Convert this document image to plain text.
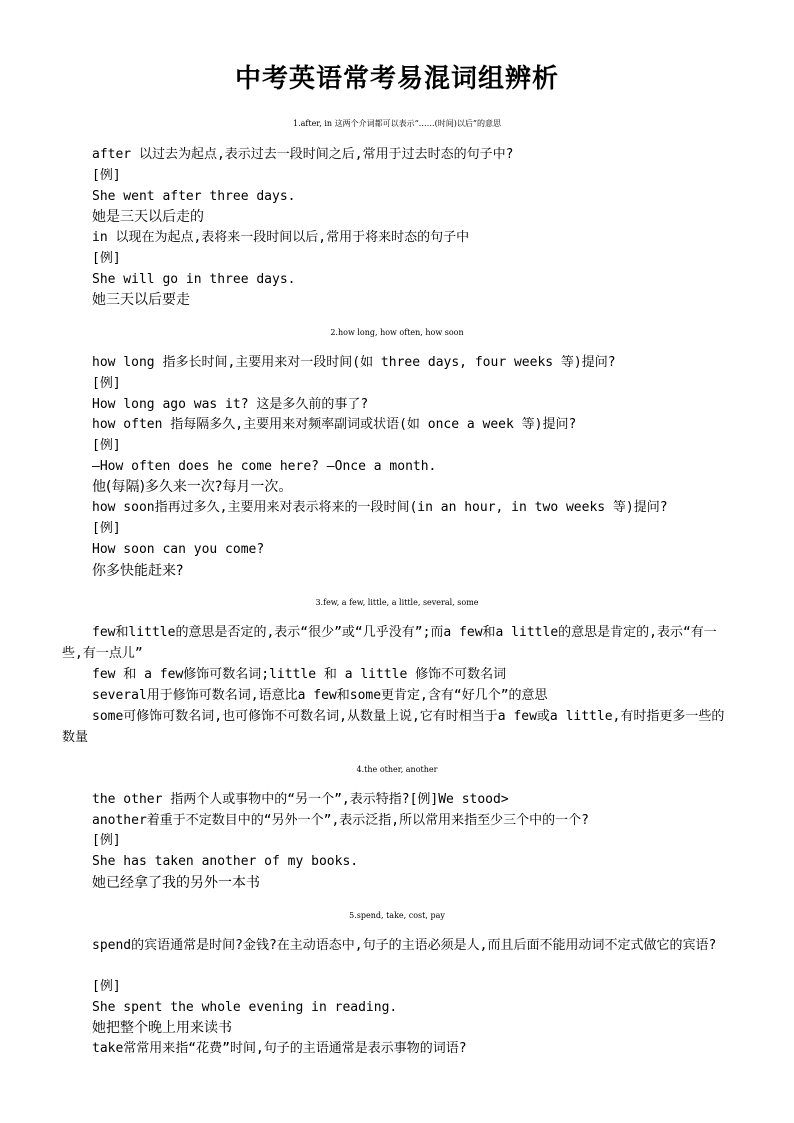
中考英语常考易混词组辨析
1.after, in 这两个介词都可以表示“……(时间)以后”的意思
after 以过去为起点,表示过去一段时间之后,常用于过去时态的句子中?
[例]
She went after three days.
她是三天以后走的
in 以现在为起点,表将来一段时间以后,常用于将来时态的句子中
[例]
She will go in three days.
她三天以后要走
2.how long, how often, how soon
how long 指多长时间,主要用来对一段时间(如 three days, four weeks 等)提问?
[例]
How long ago was it? 这是多久前的事了?
how often 指每隔多久,主要用来对频率副词或状语(如 once a week 等)提问?
[例]
—How often does he come here? —Once a month.
他(每隔)多久来一次?每月一次。
how soon指再过多久,主要用来对表示将来的一段时间(in an hour, in two weeks 等)提问?
[例]
How soon can you come?
你多快能赶来?
3.few, a few, little, a little, several, some
few和little的意思是否定的,表示“很少”或“几乎没有”;而a few和a little的意思是肯定的,表示“有一些,有一点儿”
few 和 a few修饰可数名词;little 和 a little 修饰不可数名词
several用于修饰可数名词,语意比a few和some更肯定,含有“好几个”的意思
some可修饰可数名词,也可修饰不可数名词,从数量上说,它有时相当于a few或a little,有时指更多一些的数量
4.the other, another
the other 指两个人或事物中的“另一个”,表示特指?[例]We stood>
another着重于不定数目中的“另外一个”,表示泛指,所以常用来指至少三个中的一个?
[例]
She has taken another of my books.
她已经拿了我的另外一本书
5.spend, take, cost, pay
spend的宾语通常是时间?金钱?在主动语态中,句子的主语必须是人,而且后面不能用动词不定式做它的宾语?
[例]
She spent the whole evening in reading.
她把整个晚上用来读书
take常常用来指“花费”时间,句子的主语通常是表示事物的词语?
